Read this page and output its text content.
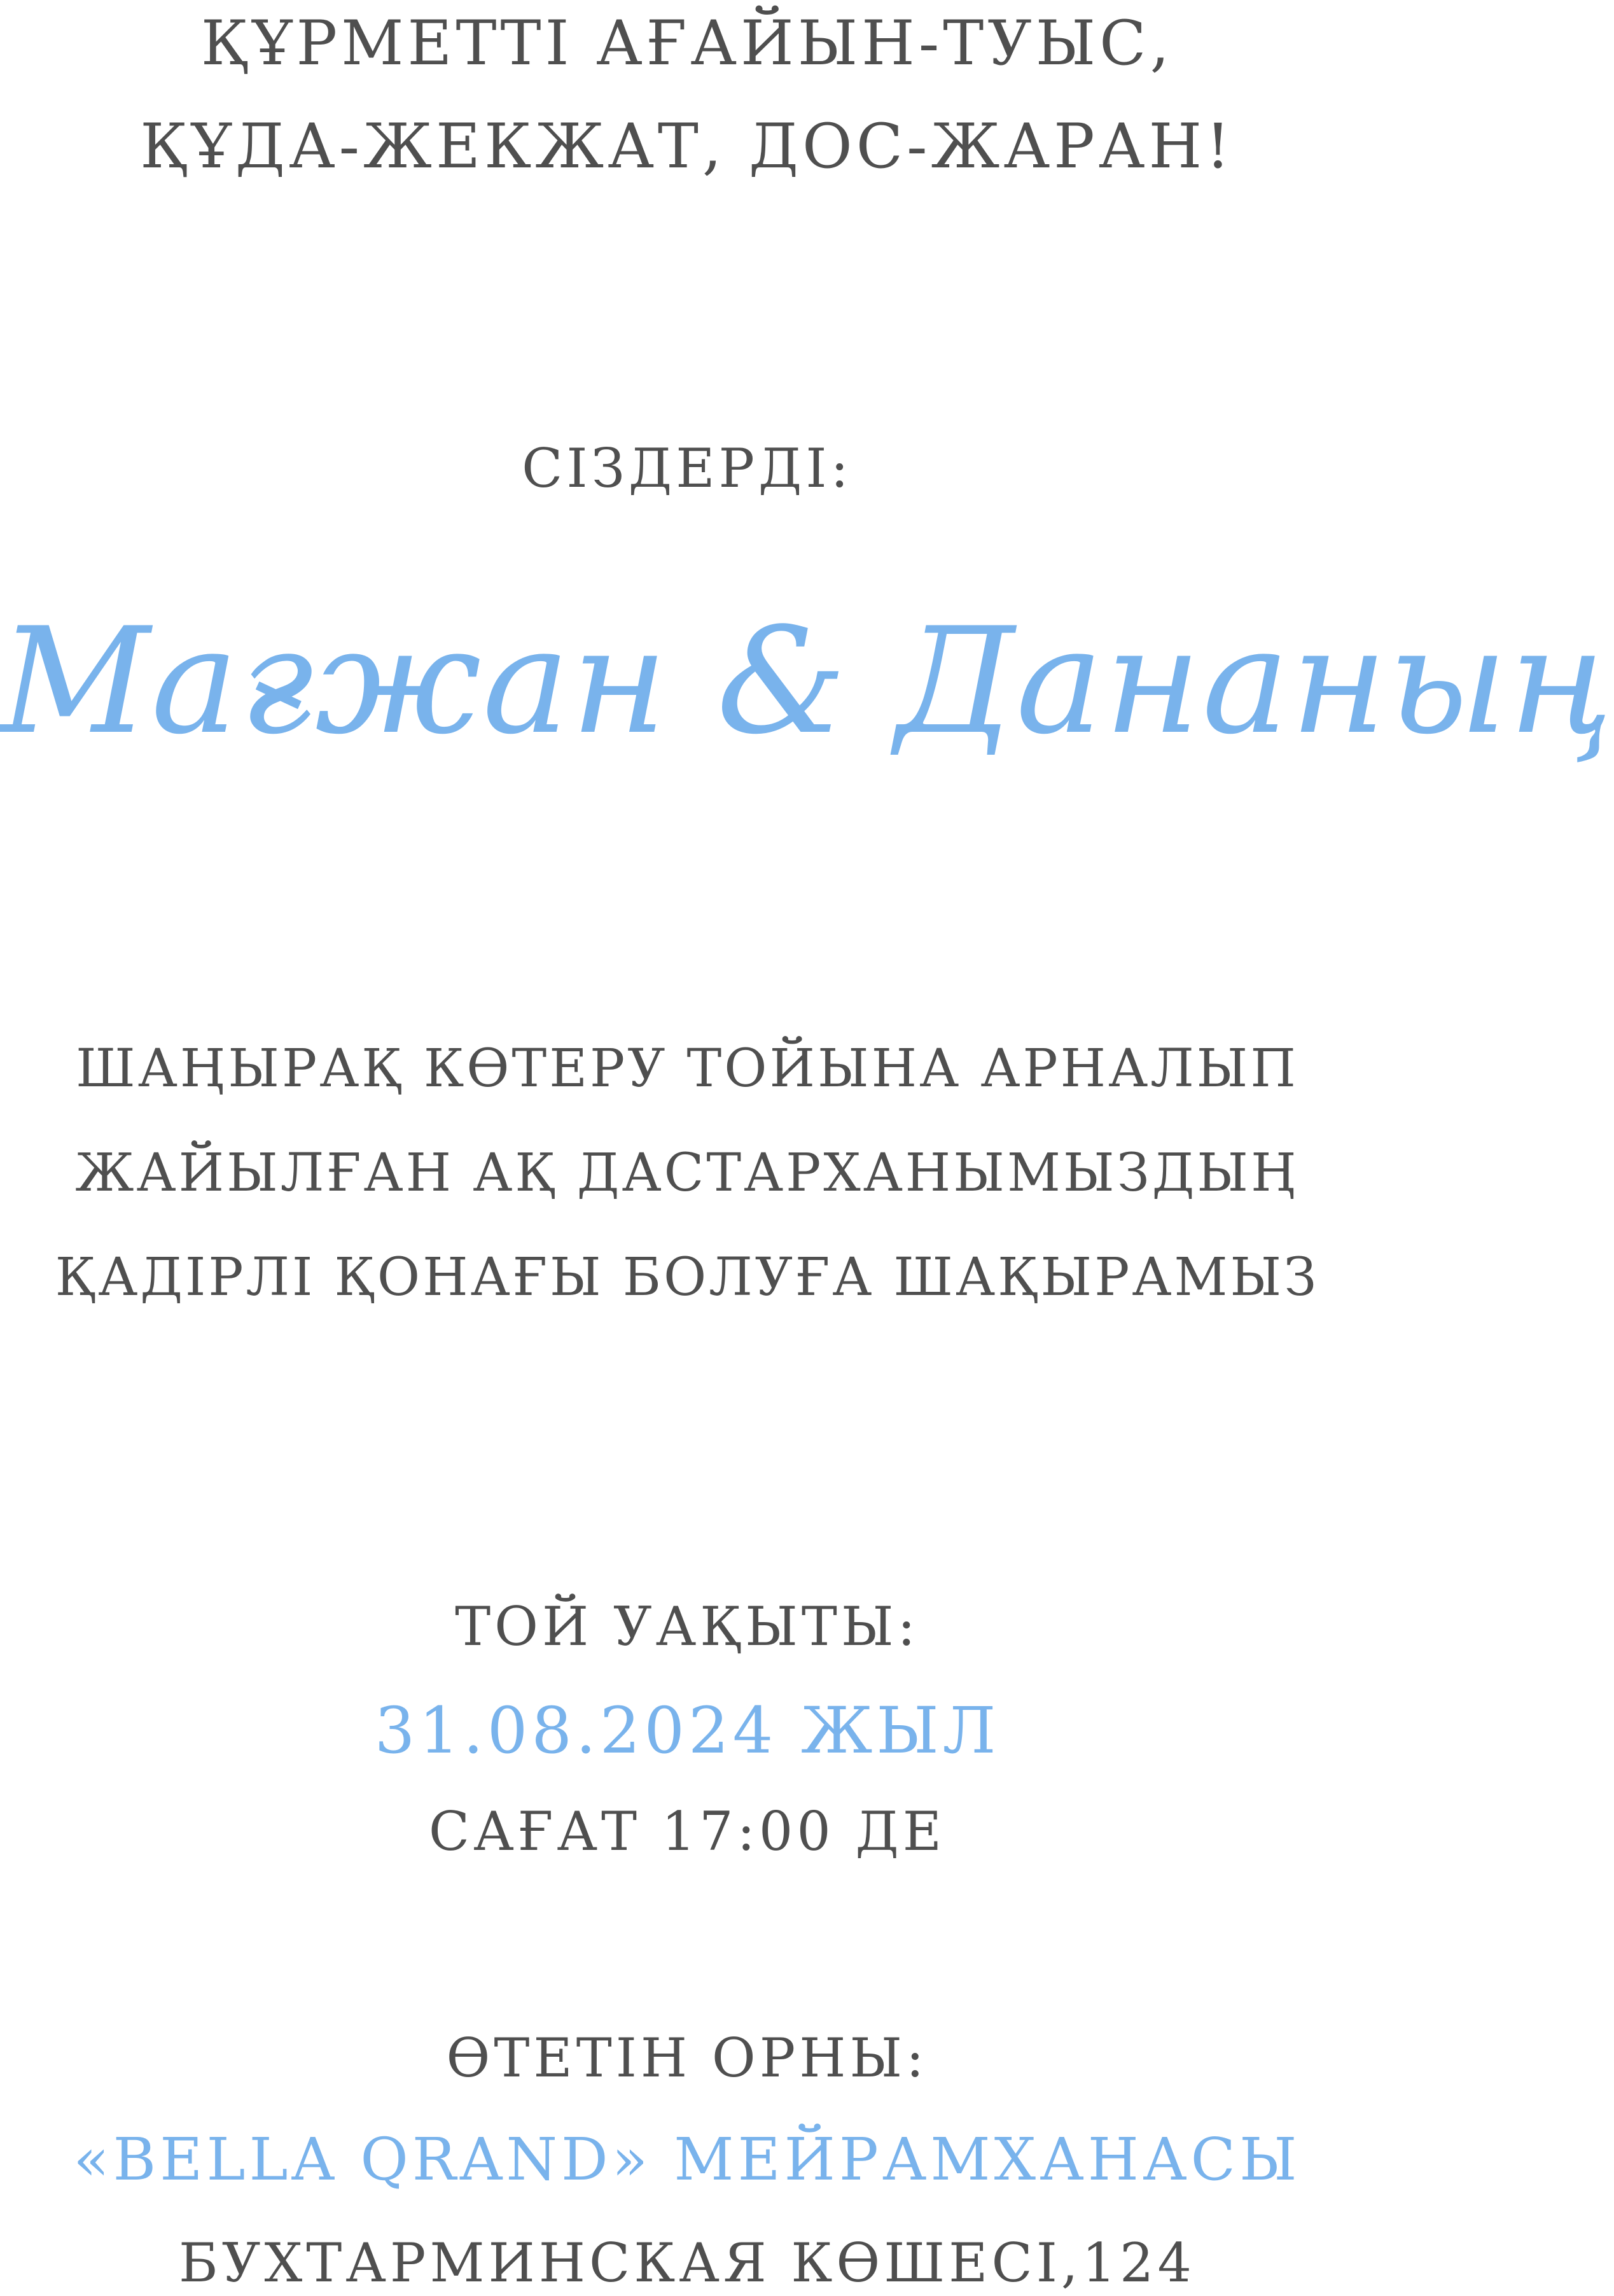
ҚҰРМЕТТІ АҒАЙЫН-ТУЫС,
ҚҰДА-ЖЕКЖАТ, ДОС-ЖАРАН!
СІЗДЕРДІ:
Мағжан & Дананың
ШАҢЫРАҚ КӨТЕРУ ТОЙЫНА АРНАЛЫП
ЖАЙЫЛҒАН АҚ ДАСТАРХАНЫМЫЗДЫҢ
ҚАДІРЛІ ҚОНАҒЫ БОЛУҒА ШАҚЫРАМЫЗ
ТОЙ УАҚЫТЫ:
31.08.2024 ЖЫЛ
САҒАТ 17:00 ДЕ
ӨТЕТІН ОРНЫ:
«BELLA QRAND» МЕЙРАМХАНАСЫ
БУХТАРМИНСКАЯ КӨШЕСІ,124
